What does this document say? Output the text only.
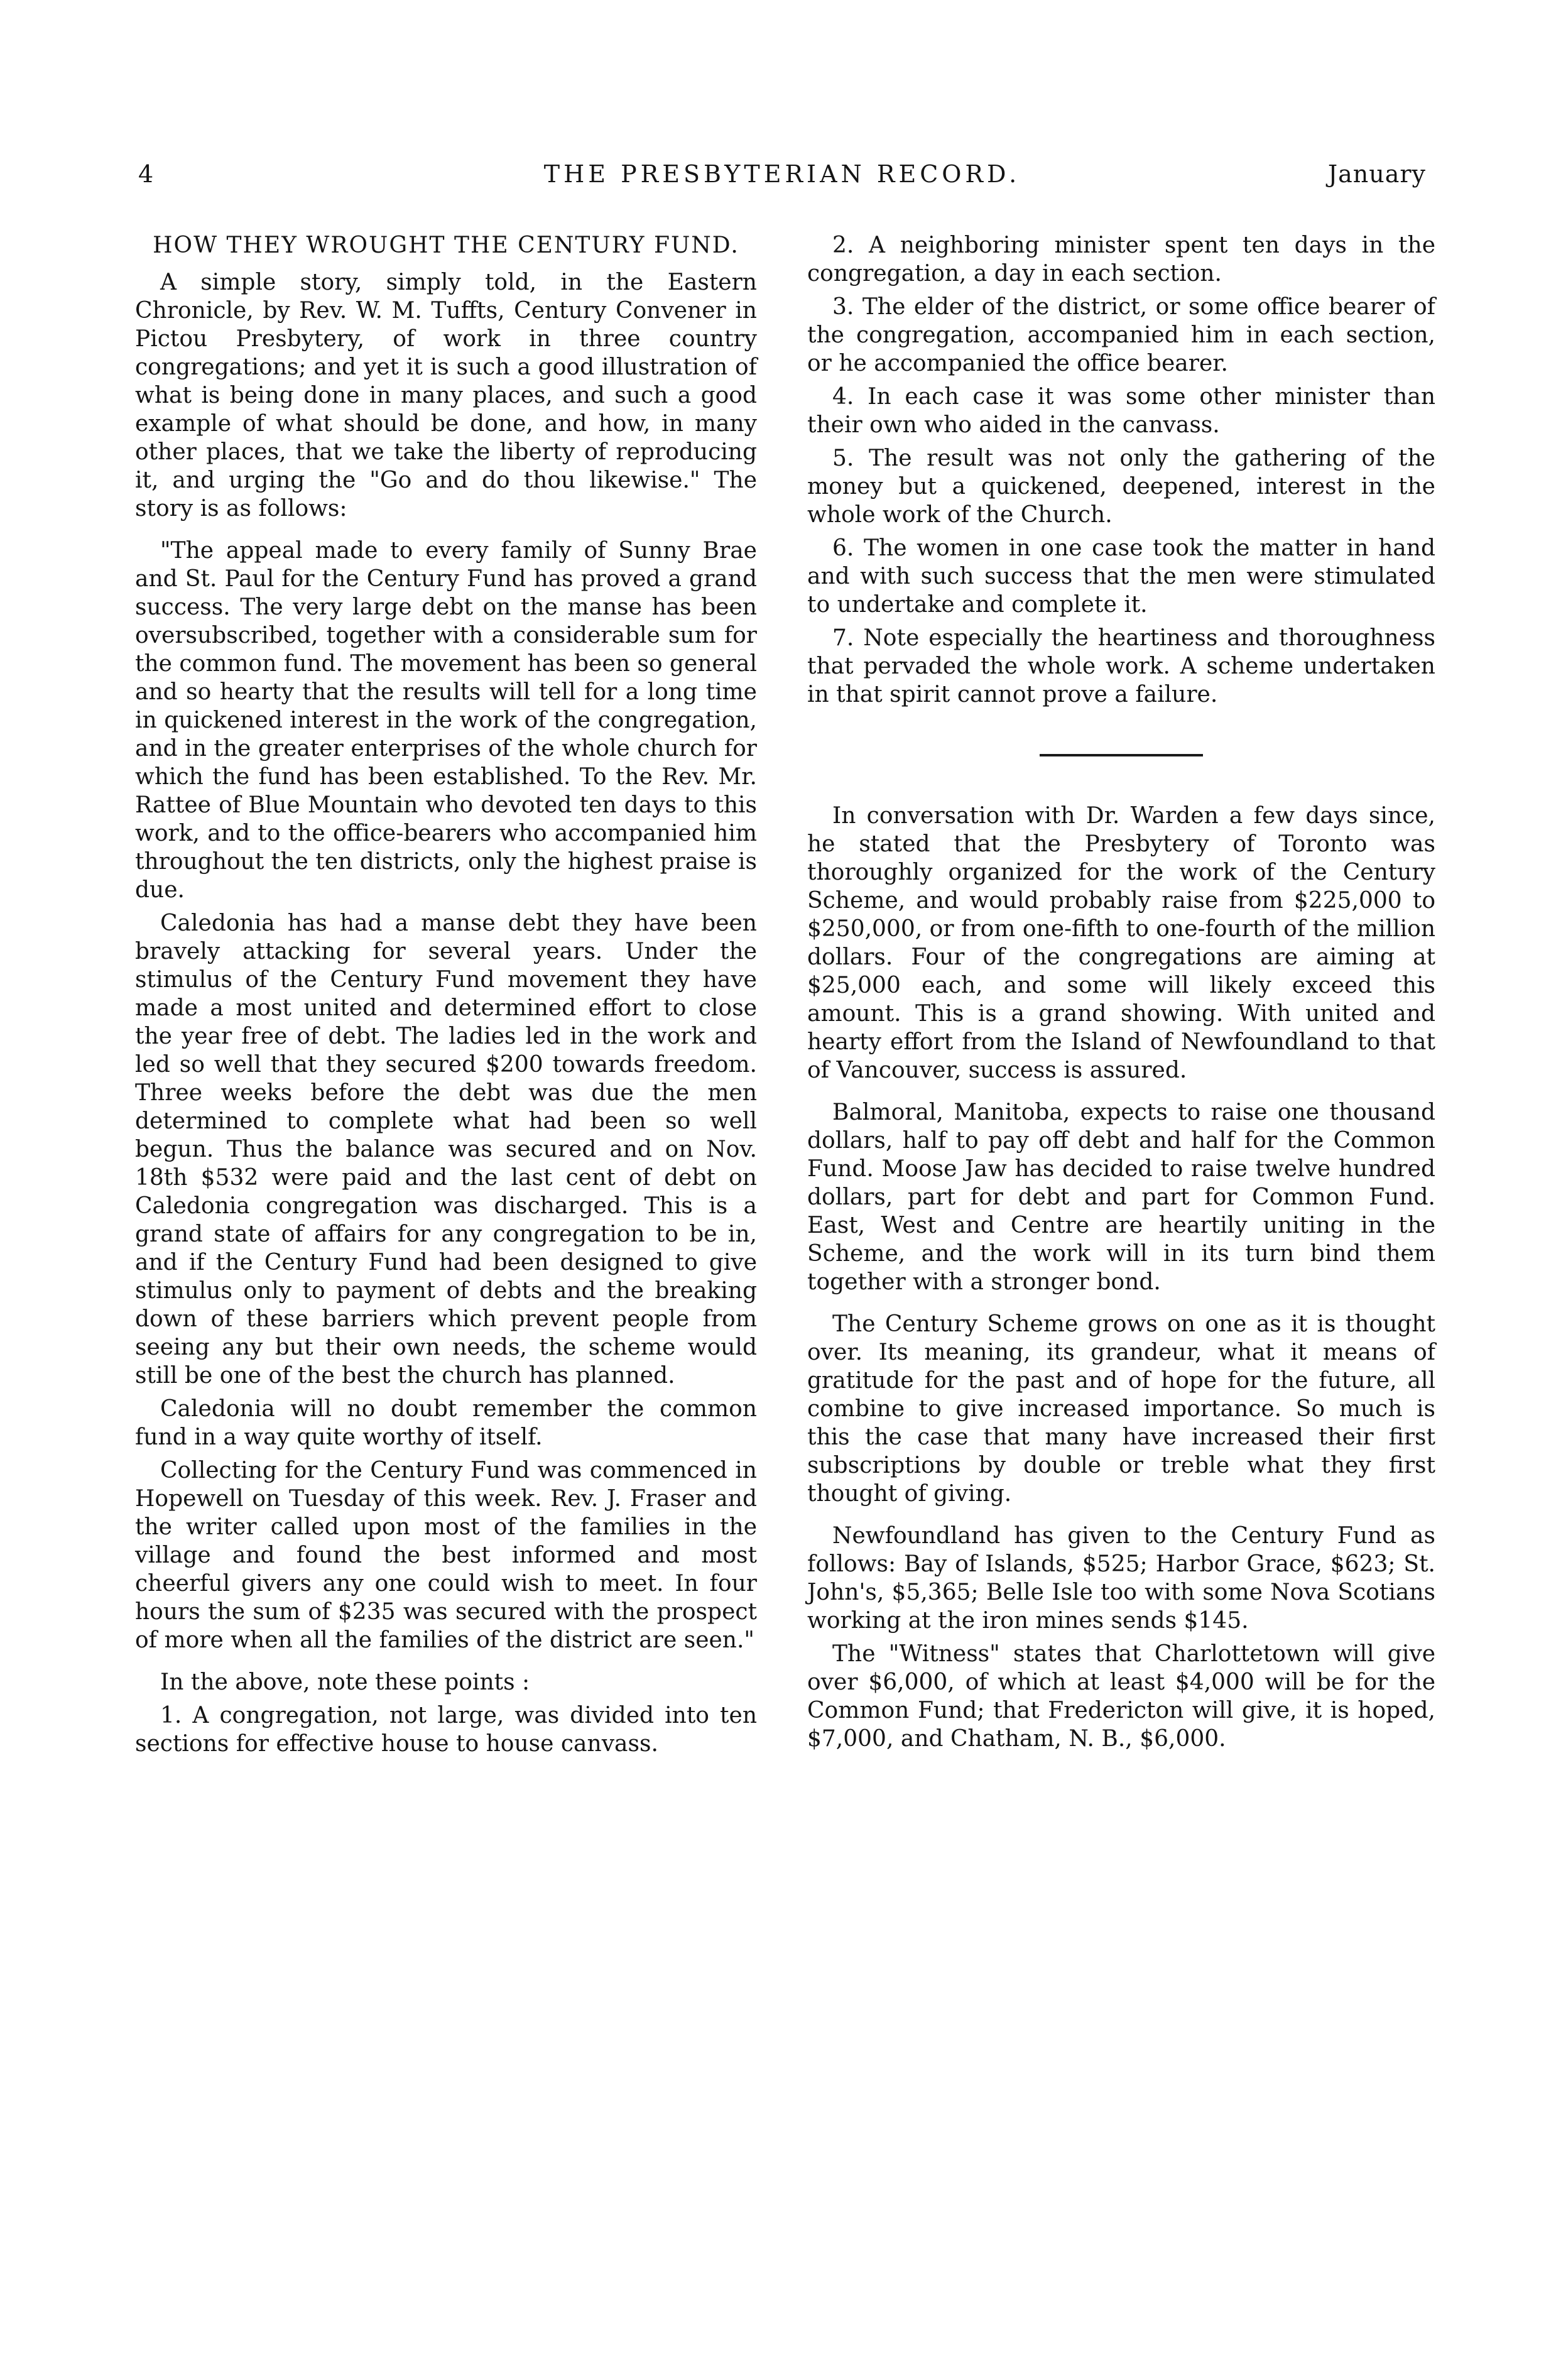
4	THE PRESBYTERIAN RECORD.	January
HOW THEY WROUGHT THE CENTURY FUND.

A simple story, simply told, in the Eastern Chronicle, by Rev. W. M. Tuffts, Century Convener in Pictou Presbytery, of work in three country congregations; and yet it is such a good illustration of what is being done in many places, and such a good example of what should be done, and how, in many other places, that we take the liberty of reproducing it, and urging the "Go and do thou likewise." The story is as follows:

"The appeal made to every family of Sunny Brae and St. Paul for the Century Fund has proved a grand success. The very large debt on the manse has been oversubscribed, together with a considerable sum for the common fund. The movement has been so general and so hearty that the results will tell for a long time in quickened interest in the work of the congregation, and in the greater enterprises of the whole church for which the fund has been established. To the Rev. Mr. Rattee of Blue Mountain who devoted ten days to this work, and to the office-bearers who accompanied him throughout the ten districts, only the highest praise is due.

Caledonia has had a manse debt they have been bravely attacking for several years. Under the stimulus of the Century Fund movement they have made a most united and determined effort to close the year free of debt. The ladies led in the work and led so well that they secured $200 towards freedom. Three weeks before the debt was due the men determined to complete what had been so well begun. Thus the balance was secured and on Nov. 18th $532 were paid and the last cent of debt on Caledonia congregation was discharged. This is a grand state of affairs for any congregation to be in, and if the Century Fund had been designed to give stimulus only to payment of debts and the breaking down of these barriers which prevent people from seeing any but their own needs, the scheme would still be one of the best the church has planned.

Caledonia will no doubt remember the common fund in a way quite worthy of itself.

Collecting for the Century Fund was commenced in Hopewell on Tuesday of this week. Rev. J. Fraser and the writer called upon most of the families in the village and found the best informed and most cheerful givers any one could wish to meet. In four hours the sum of $235 was secured with the prospect of more when all the families of the district are seen."

In the above, note these points :

1. A congregation, not large, was divided into ten sections for effective house to house canvass.

2. A neighboring minister spent ten days in the congregation, a day in each section.

3. The elder of the district, or some office bearer of the congregation, accompanied him in each section, or he accompanied the office bearer.

4. In each case it was some other minister than their own who aided in the canvass.

5. The result was not only the gathering of the money but a quickened, deepened, interest in the whole work of the Church.

6. The women in one case took the matter in hand and with such success that the men were stimulated to undertake and complete it.

7. Note especially the heartiness and thoroughness that pervaded the whole work. A scheme undertaken in that spirit cannot prove a failure.

In conversation with Dr. Warden a few days since, he stated that the Presbytery of Toronto was thoroughly organized for the work of the Century Scheme, and would probably raise from $225,000 to $250,000, or from one-fifth to one-fourth of the million dollars. Four of the congregations are aiming at $25,000 each, and some will likely exceed this amount. This is a grand showing. With united and hearty effort from the Island of Newfoundland to that of Vancouver, success is assured.

Balmoral, Manitoba, expects to raise one thousand dollars, half to pay off debt and half for the Common Fund. Moose Jaw has decided to raise twelve hundred dollars, part for debt and part for Common Fund. East, West and Centre are heartily uniting in the Scheme, and the work will in its turn bind them together with a stronger bond.

The Century Scheme grows on one as it is thought over. Its meaning, its grandeur, what it means of gratitude for the past and of hope for the future, all combine to give increased importance. So much is this the case that many have increased their first subscriptions by double or treble what they first thought of giving.

Newfoundland has given to the Century Fund as follows: Bay of Islands, $525; Harbor Grace, $623; St. John's, $5,365; Belle Isle too with some Nova Scotians working at the iron mines sends $145.

The "Witness" states that Charlottetown will give over $6,000, of which at least $4,000 will be for the Common Fund; that Fredericton will give, it is hoped, $7,000, and Chatham, N. B., $6,000.
